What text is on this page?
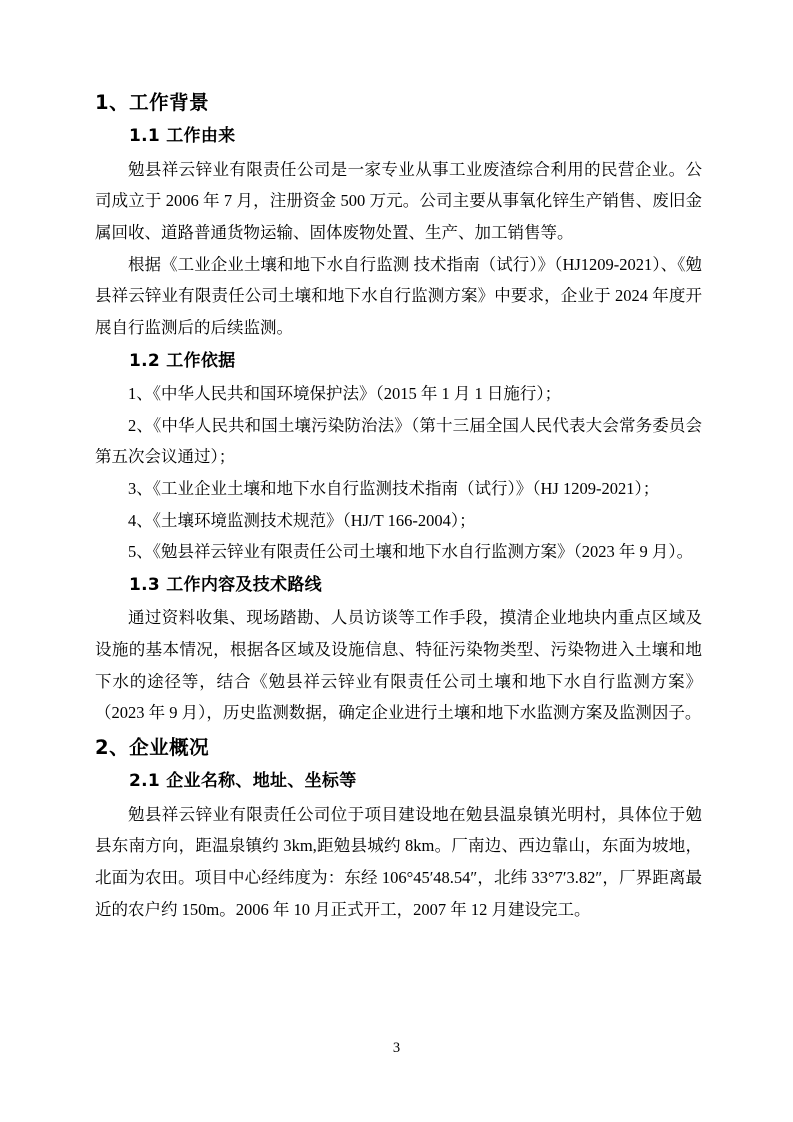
1、工作背景
1.1 工作由来

勉县祥云锌业有限责任公司是一家专业从事工业废渣综合利用的民营企业。公司成立于 2006 年 7 月，注册资金 500 万元。公司主要从事氧化锌生产销售、废旧金属回收、道路普通货物运输、固体废物处置、生产、加工销售等。

根据《工业企业土壤和地下水自行监测 技术指南（试行）》（HJ1209-2021）、《勉县祥云锌业有限责任公司土壤和地下水自行监测方案》中要求，企业于 2024 年度开展自行监测后的后续监测。

1.2 工作依据

1、《中华人民共和国环境保护法》（2015 年 1 月 1 日施行）；

2、《中华人民共和国土壤污染防治法》（第十三届全国人民代表大会常务委员会第五次会议通过）；

3、《工业企业土壤和地下水自行监测技术指南（试行）》（HJ 1209-2021）；

4、《土壤环境监测技术规范》（HJ/T 166-2004）；

5、《勉县祥云锌业有限责任公司土壤和地下水自行监测方案》（2023 年 9 月）。

1.3 工作内容及技术路线

通过资料收集、现场踏勘、人员访谈等工作手段，摸清企业地块内重点区域及设施的基本情况，根据各区域及设施信息、特征污染物类型、污染物进入土壤和地下水的途径等，结合《勉县祥云锌业有限责任公司土壤和地下水自行监测方案》（2023 年 9 月），历史监测数据，确定企业进行土壤和地下水监测方案及监测因子。

2、企业概况
2.1 企业名称、地址、坐标等

勉县祥云锌业有限责任公司位于项目建设地在勉县温泉镇光明村，具体位于勉县东南方向，距温泉镇约 3km,距勉县城约 8km。厂南边、西边靠山，东面为坡地，北面为农田。项目中心经纬度为：东经 106°45′48.54″，北纬 33°7′3.82″，厂界距离最近的农户约 150m。2006 年 10 月正式开工，2007 年 12 月建设完工。

3
